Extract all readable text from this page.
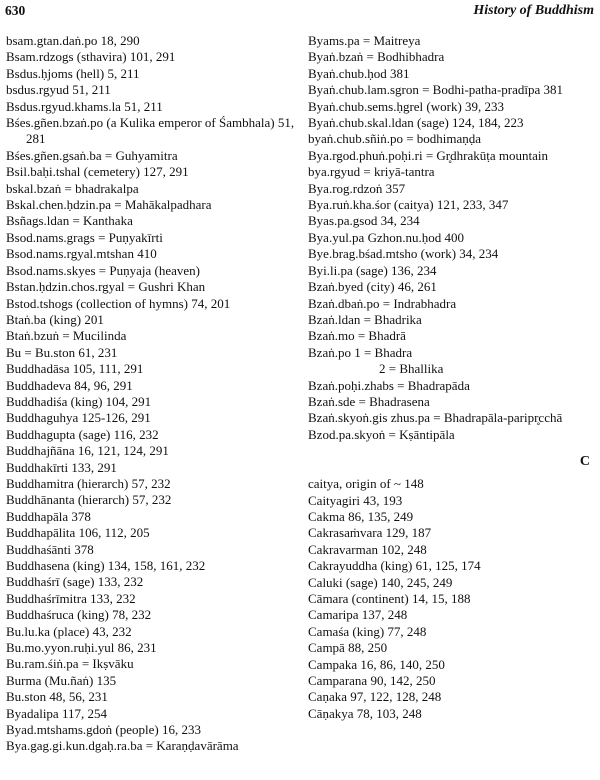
630	History of Buddhism
bsam.gtan.daṅ.po 18, 290
Bsam.rdzogs (sthavira) 101, 291
Bsdus.ḥjoms (hell) 5, 211
bsdus.rgyud 51, 211
Bsdus.rgyud.khams.la 51, 211
Bśes.gñen.bzaṅ.po (a Kulika emperor of Śambhala) 51, 281
Bśes.gñen.gsaṅ.ba = Guhyamitra
Bsil.baḥi.tshal (cemetery) 127, 291
bskal.bzaṅ = bhadrakalpa
Bskal.chen.ḥdzin.pa = Mahākalpadhara
Bsñags.ldan = Kanthaka
Bsod.nams.grags = Puṇyakīrti
Bsod.nams.rgyal.mtshan 410
Bsod.nams.skyes = Puṇyaja (heaven)
Bstan.ḥdzin.chos.rgyal = Gushri Khan
Bstod.tshogs (collection of hymns) 74, 201
Btaṅ.ba (king) 201
Btaṅ.bzuṅ = Mucilinda
Bu = Bu.ston 61, 231
Buddhadāsa 105, 111, 291
Buddhadeva 84, 96, 291
Buddhadiśa (king) 104, 291
Buddhaguhya 125-126, 291
Buddhagupta (sage) 116, 232
Buddhajñāna 16, 121, 124, 291
Buddhakīrti 133, 291
Buddhamitra (hierarch) 57, 232
Buddhānanta (hierarch) 57, 232
Buddhapāla 378
Buddhapālita 106, 112, 205
Buddhaśānti 378
Buddhasena (king) 134, 158, 161, 232
Buddhaśrī (sage) 133, 232
Buddhaśrīmitra 133, 232
Buddhaśruca (king) 78, 232
Bu.lu.ka (place) 43, 232
Bu.mo.yyon.ruḥi.yul 86, 231
Bu.ram.śiṅ.pa = Ikṣvāku
Burma (Mu.ñaṅ) 135
Bu.ston 48, 56, 231
Byadalipa 117, 254
Byad.mtshams.gdoṅ (people) 16, 233
Bya.gag.gi.kun.dgaḥ.ra.ba = Karaṇḍavārāma
Byams.pa = Maitreya
Byaṅ.bzaṅ = Bodhibhadra
Byaṅ.chub.ḥod 381
Byaṅ.chub.lam.sgron = Bodhi-patha-pradīpa 381
Byaṅ.chub.sems.ḥgrel (work) 39, 233
Byaṅ.chub.skal.ldan (sage) 124, 184, 223
byaṅ.chub.sñiṅ.po = bodhimaṇḍa
Bya.rgod.phuṅ.poḥi.ri = Gr̥dhrakūṭa mountain
bya.rgyud = kriyā-tantra
Bya.rog.rdzoṅ 357
Bya.ruṅ.kha.śor (caitya) 121, 233, 347
Byas.pa.gsod 34, 234
Bya.yul.pa Gzhon.nu.ḥod 400
Bye.brag.bśad.mtsho (work) 34, 234
Byi.li.pa (sage) 136, 234
Bzaṅ.byed (city) 46, 261
Bzaṅ.dbaṅ.po = Indrabhadra
Bzaṅ.ldan = Bhadrika
Bzaṅ.mo = Bhadrā
Bzaṅ.po 1 = Bhadra
2 = Bhallika
Bzaṅ.poḥi.zhabs = Bhadrapāda
Bzaṅ.sde = Bhadrasena
Bzaṅ.skyoṅ.gis zhus.pa = Bhadrapāla-paripr̥cchā
Bzod.pa.skyoṅ = Kṣāntipāla
C
caitya, origin of ~ 148
Caityagiri 43, 193
Cakma 86, 135, 249
Cakrasaṁvara 129, 187
Cakravarman 102, 248
Cakrayuddha (king) 61, 125, 174
Caluki (sage) 140, 245, 249
Cāmara (continent) 14, 15, 188
Camaripa 137, 248
Camaśa (king) 77, 248
Campā 88, 250
Campaka 16, 86, 140, 250
Camparana 90, 142, 250
Caṇaka 97, 122, 128, 248
Cāṇakya 78, 103, 248
